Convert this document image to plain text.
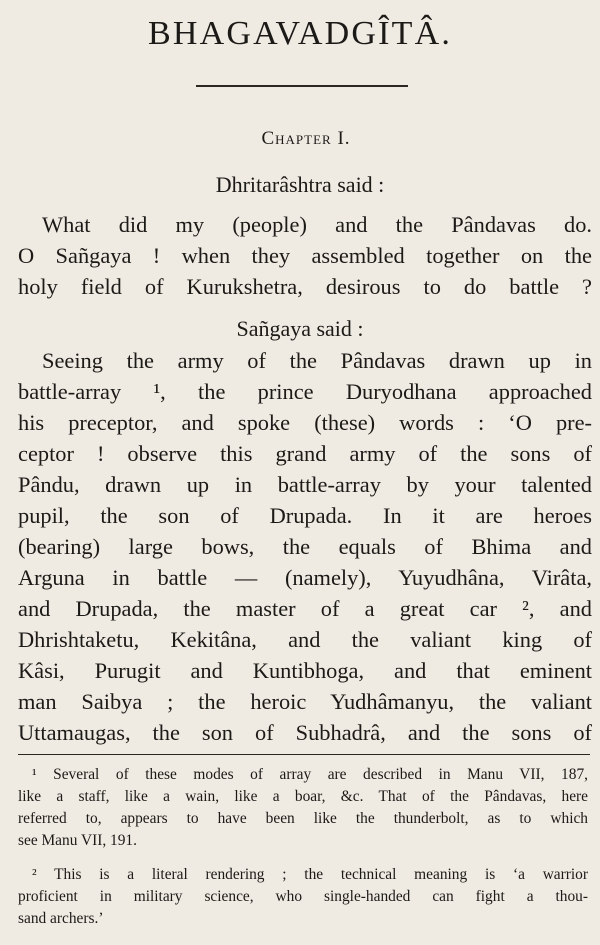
BHAGAVADGÎTÂ.
Chapter I.
Dhritarâshtra said :
What did my (people) and the Pândavas do.
O Sañgaya ! when they assembled together on the
holy field of Kurukshetra, desirous to do battle ?
Sañgaya said :
Seeing the army of the Pândavas drawn up in
battle-array ¹, the prince Duryodhana approached
his preceptor, and spoke (these) words : ‘O pre-
ceptor ! observe this grand army of the sons of
Pându, drawn up in battle-array by your talented
pupil, the son of Drupada. In it are heroes
(bearing) large bows, the equals of Bhima and
Arguna in battle — (namely), Yuyudhâna, Virâta,
and Drupada, the master of a great car ², and
Dhrishtaketu, Kekitâna, and the valiant king of
Kâsi, Purugit and Kuntibhoga, and that eminent
man Saibya ; the heroic Yudhâmanyu, the valiant
Uttamaugas, the son of Subhadrâ, and the sons of
¹ Several of these modes of array are described in Manu VII, 187,
like a staff, like a wain, like a boar, &c. That of the Pândavas, here
referred to, appears to have been like the thunderbolt, as to which
see Manu VII, 191.
² This is a literal rendering ; the technical meaning is ‘a warrior
proficient in military science, who single-handed can fight a thou-
sand archers.’
